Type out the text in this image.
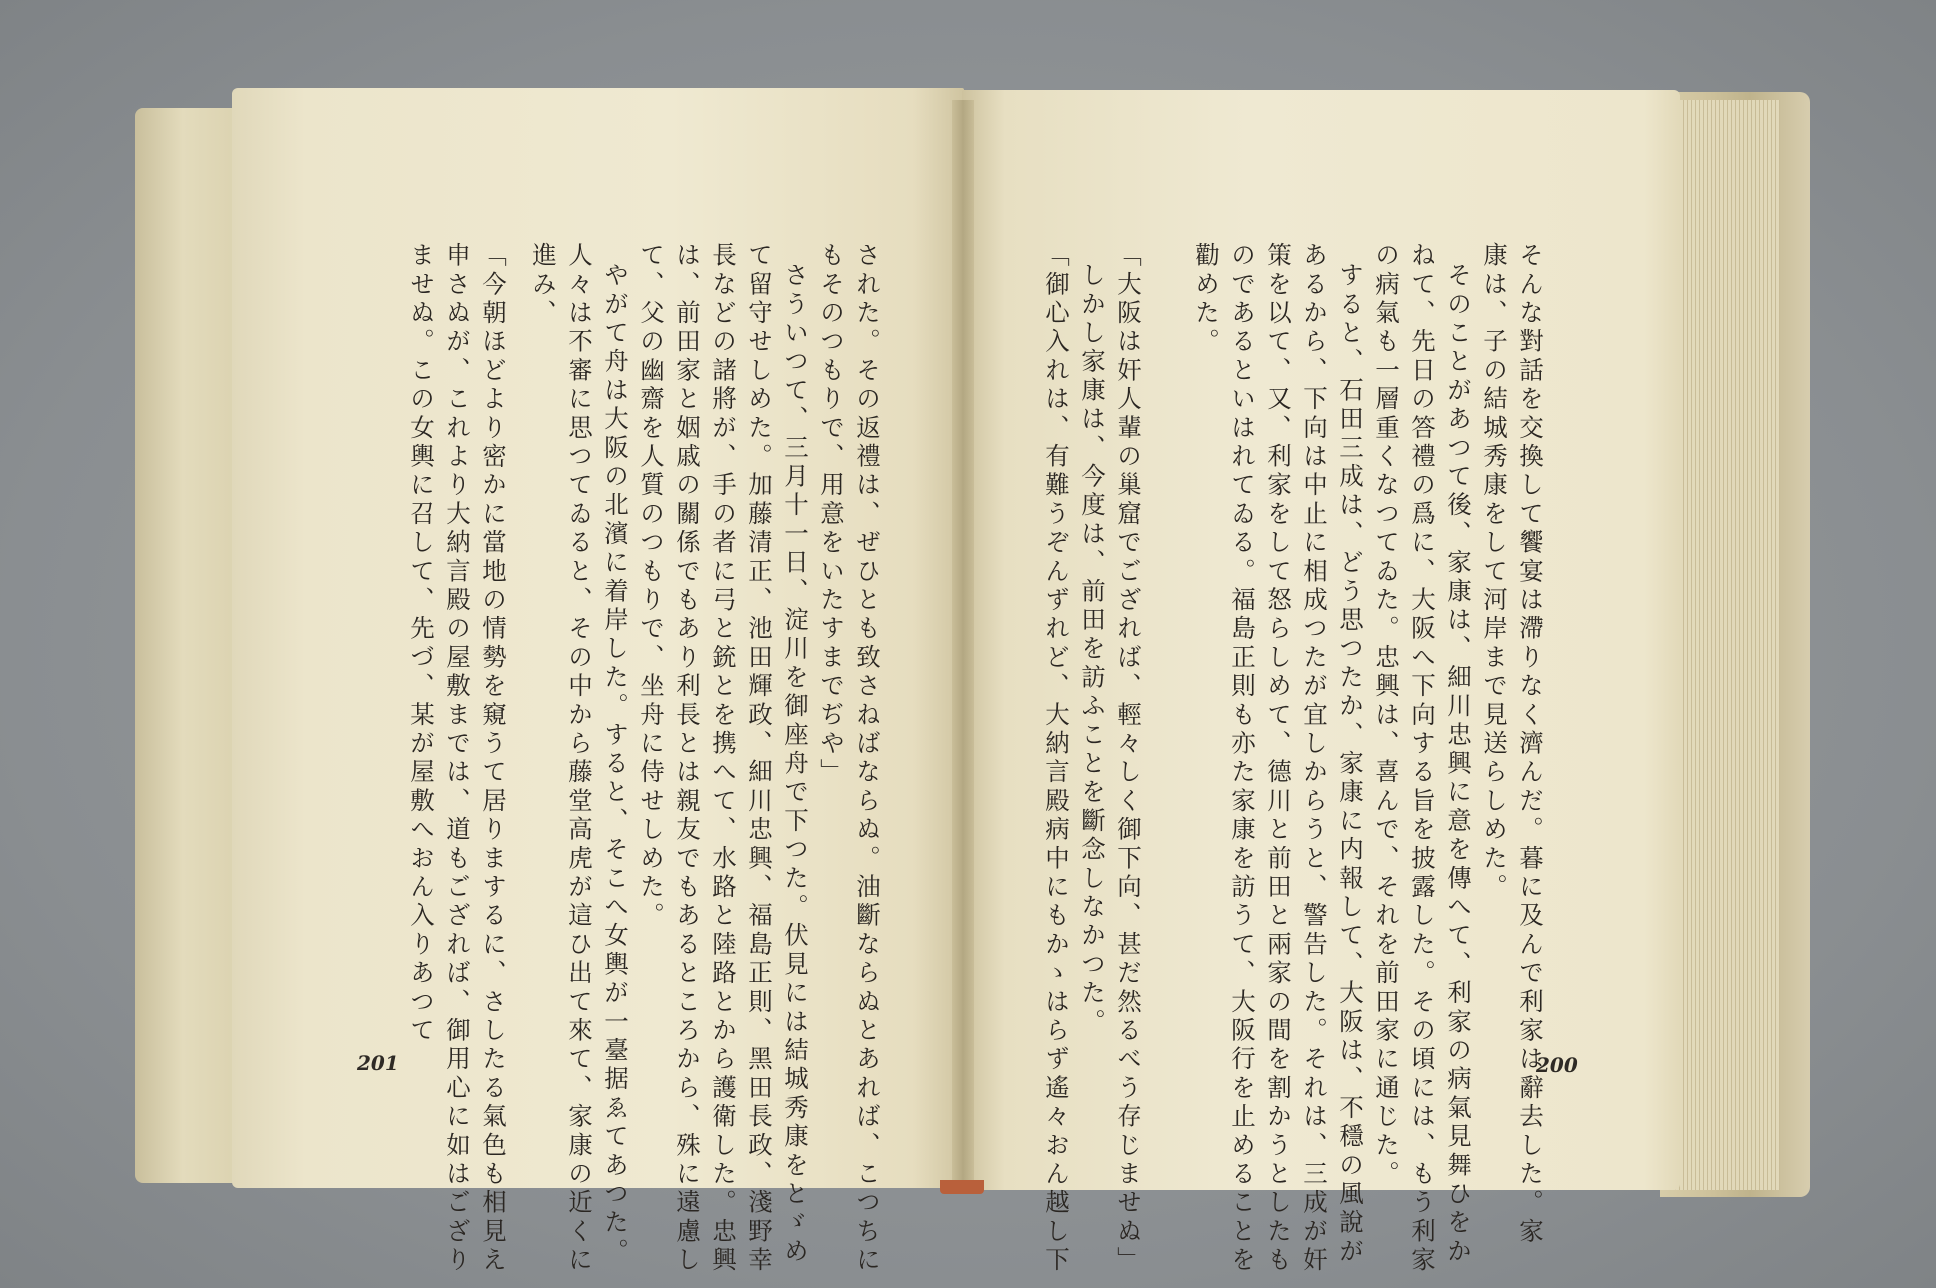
そんな對話を交換して饗宴は滯りなく濟んだ。暮に及んで利家は辭去した。家

康は、子の結城秀康をして河岸まで見送らしめた。

そのことがあつて後、家康は、細川忠興に意を傳へて、利家の病氣見舞ひをか

ねて、先日の答禮の爲に、大阪へ下向する旨を披露した。その頃には、もう利家

の病氣も一層重くなつてゐた。忠興は、喜んで、それを前田家に通じた。

すると、石田三成は、どう思つたか、家康に内報して、大阪は、不穩の風說が

あるから、下向は中止に相成つたが宜しからうと、警告した。それは、三成が奸

策を以て、又、利家をして怒らしめて、德川と前田と兩家の間を割かうとしたも

のであるといはれてゐる。福島正則も亦た家康を訪うて、大阪行を止めることを

勸めた。

「大阪は奸人輩の巢窟でござれば、輕々しく御下向、甚だ然るべう存じませぬ」

しかし家康は、今度は、前田を訪ふことを斷念しなかつた。

「御心入れは、有難うぞんずれど、大納言殿病中にもかゝはらず遙々おん越し下	200

された。その返禮は、ぜひとも致さねばならぬ。油斷ならぬとあれば、こつちに

もそのつもりで、用意をいたすまでぢや」

さういつて、三月十一日、淀川を御座舟で下つた。伏見には結城秀康をとゞめ

て留守せしめた。加藤清正、池田輝政、細川忠興、福島正則、黑田長政、淺野幸

長などの諸將が、手の者に弓と銃とを携へて、水路と陸路とから護衛した。忠興

は、前田家と姻戚の關係でもあり利長とは親友でもあるところから、殊に遠慮し

て、父の幽齋を人質のつもりで、坐舟に侍せしめた。

やがて舟は大阪の北濱に着岸した。すると、そこへ女輿が一臺据ゑてあつた。

人々は不審に思つてゐると、その中から藤堂高虎が這ひ出て來て、家康の近くに

進み、

「今朝ほどより密かに當地の情勢を窺うて居りまするに、さしたる氣色も相見え

申さぬが、これより大納言殿の屋敷までは、道もござれば、御用心に如はござり

ませぬ。この女輿に召して、先づ、某が屋敷へおん入りあつて

201
